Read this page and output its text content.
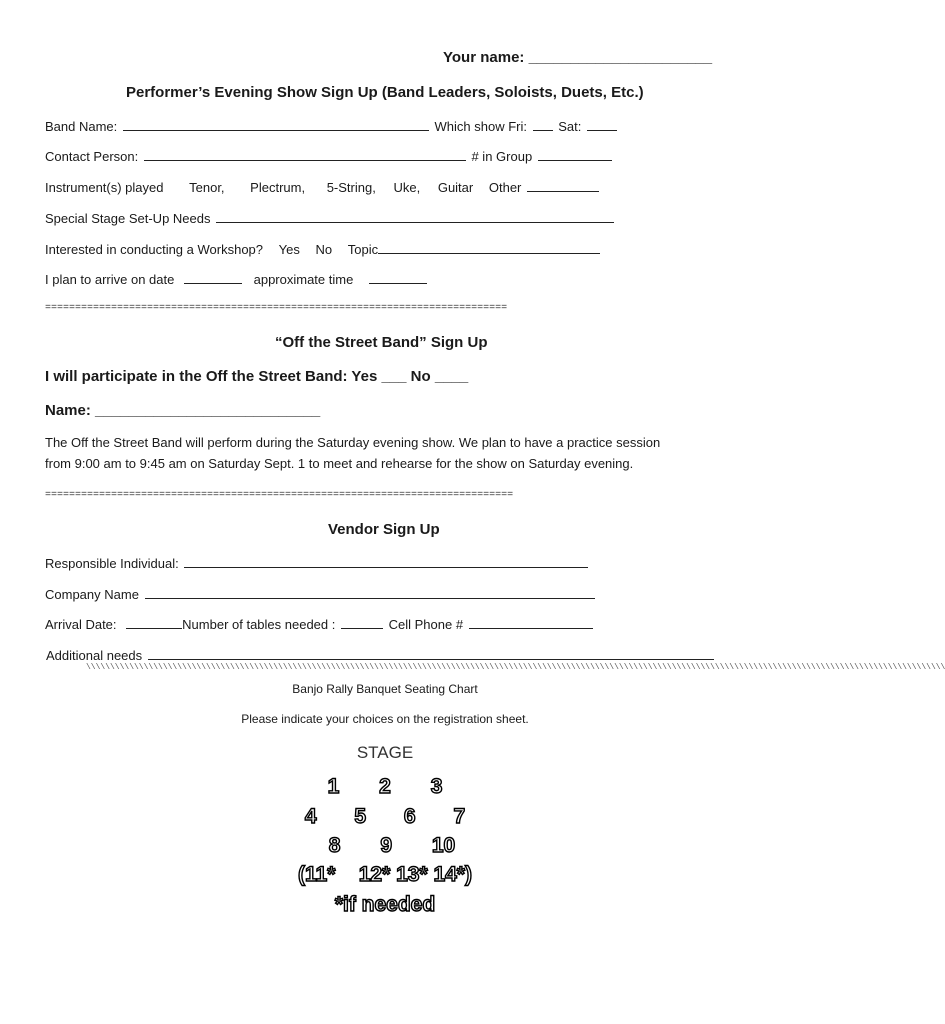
Your name: ______________________
Performer’s Evening Show Sign Up (Band Leaders, Soloists, Duets, Etc.)
Band Name:	Which show Fri: Sat:
Contact Person:	# in Group
Instrument(s) played Tenor, Plectrum, 5-String, Uke, Guitar Other
Special Stage Set-Up Needs
Interested in conducting a Workshop? Yes No Topic
I plan to arrive on date	approximate time
=============================================================================
“Off the Street Band” Sign Up
I will participate in the Off the Street Band: Yes ___ No ____
Name: ___________________________
The Off the Street Band will perform during the Saturday evening show. We plan to have a practice session
from 9:00 am to 9:45 am on Saturday Sept. 1 to meet and rehearse for the show on Saturday evening.
==============================================================================
Vendor Sign Up
Responsible Individual:
Company Name
Arrival Date:	Number of tables needed :	Cell Phone #
Additional needs
\\\\\\\\\\\\\\\\\\\\\\\\\\\\\\\\\\\\\\\\\\\\\\\\\\\\\\\\\\\\\\\\\\\\\\\\\\\\\\\\\\\\\\\\\\\\\\\\\\\\\\\\\\\\\\\\\\\\\\\\\\\\\\\\\\\\\\\\\\\\\\\\\\\\\\\\\\\\\\\\\\\\\\\\\\\\\\\\\\\
Banjo Rally Banquet Seating Chart
Please indicate your choices on the registration sheet.
STAGE
1 2 3
4 5 6 7
8 9 10
(11*    12* 13* 14*)
*if needed
